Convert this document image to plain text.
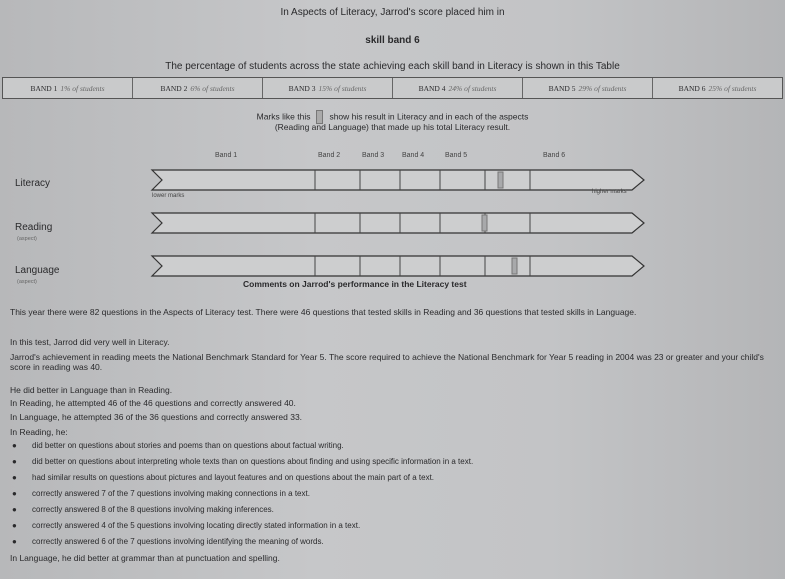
In Aspects of Literacy, Jarrod's score placed him in
skill band 6
The percentage of students across the state achieving each skill band in Literacy is shown in this Table
BAND 1 1% of students	BAND 2 6% of students	BAND 3 15% of students	BAND 4 24% of students	BAND 5 29% of students	BAND 6 25% of students
Marks like this show his result in Literacy and in each of the aspects
(Reading and Language) that made up his total Literacy result.
Band 1	Band 2	Band 3	Band 4	Band 5	Band 6
Literacy
Reading
(aspect)
Language
(aspect)
lower marks
higher marks
Comments on Jarrod's performance in the Literacy test
This year there were 82 questions in the Aspects of Literacy test. There were 46 questions that tested skills in Reading and 36 questions that tested skills in Language.
In this test, Jarrod did very well in Literacy.
Jarrod's achievement in reading meets the National Benchmark Standard for Year 5. The score required to achieve the National Benchmark for Year 5 reading in 2004 was 23 or greater and your child's score in reading was 40.
He did better in Language than in Reading.
In Reading, he attempted 46 of the 46 questions and correctly answered 40.
In Language, he attempted 36 of the 36 questions and correctly answered 33.
In Reading, he:
● did better on questions about stories and poems than on questions about factual writing.
● did better on questions about interpreting whole texts than on questions about finding and using specific information in a text.
● had similar results on questions about pictures and layout features and on questions about the main part of a text.
● correctly answered 7 of the 7 questions involving making connections in a text.
● correctly answered 8 of the 8 questions involving making inferences.
● correctly answered 4 of the 5 questions involving locating directly stated information in a text.
● correctly answered 6 of the 7 questions involving identifying the meaning of words.
In Language, he did better at grammar than at punctuation and spelling.
